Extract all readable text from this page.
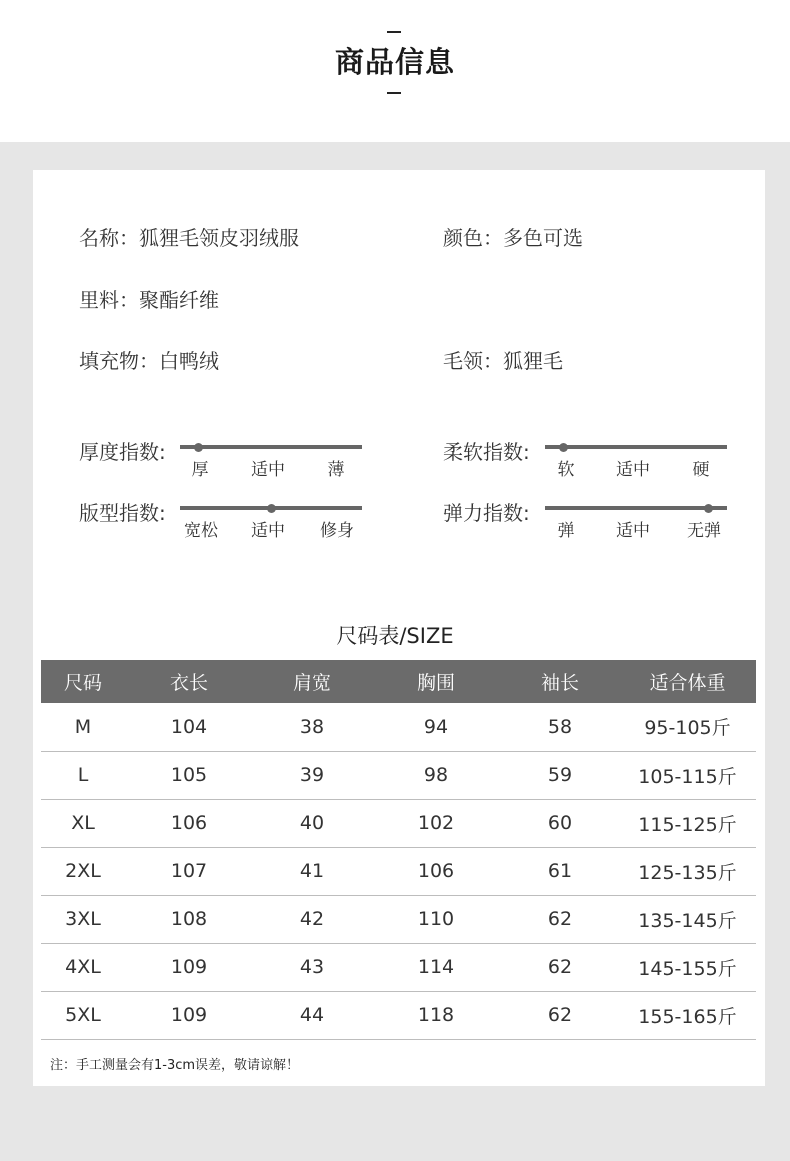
商品信息
名称：狐狸毛领皮羽绒服	颜色：多色可选
里料：聚酯纤维
填充物：白鸭绒	毛领：狐狸毛
尺码表/SIZE
尺码	衣长	肩宽	胸围	袖长	适合体重
M	104	38	94	58	95-105斤
L	105	39	98	59	105-115斤
XL	106	40	102	60	115-125斤
2XL	107	41	106	61	125-135斤
3XL	108	42	110	62	135-145斤
4XL	109	43	114	62	145-155斤
5XL	109	44	118	62	155-165斤
注：手工测量会有1-3cm误差，敬请谅解！
厚度指数:
厚	适中	薄
柔软指数:
软 适中	硬
版型指数:
宽松 适中 修身
弹力指数:
弹 适中 无弹
